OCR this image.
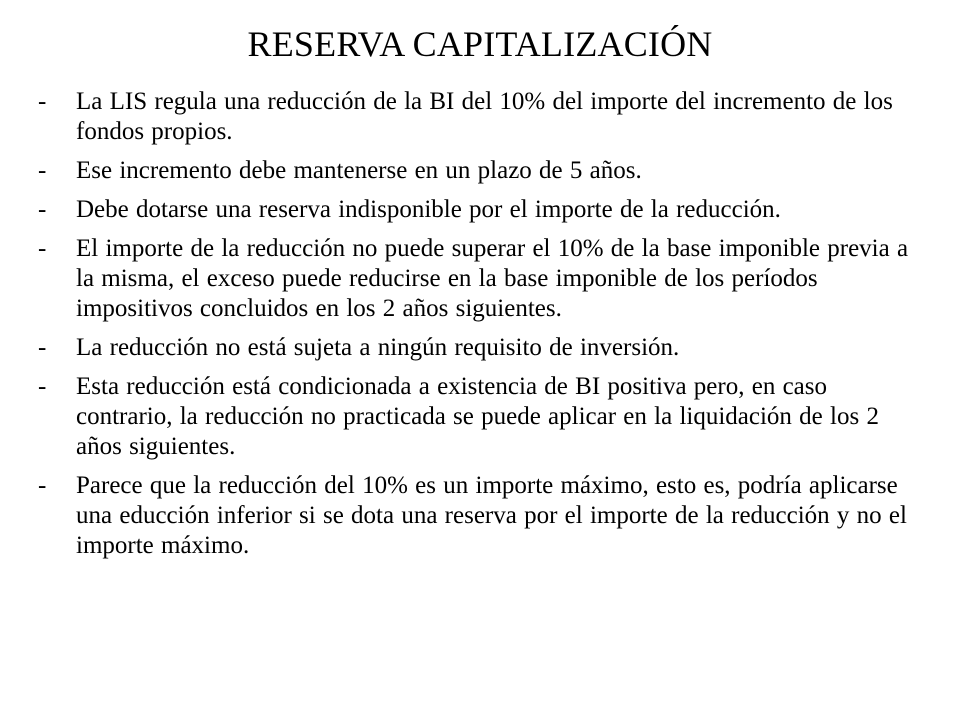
RESERVA CAPITALIZACIÓN
-	La LIS regula una reducción de la BI del 10% del importe del incremento de los fondos propios.
-	Ese incremento debe mantenerse en un plazo de 5 años.
-	Debe dotarse una reserva indisponible por el importe de la reducción.
-	El importe de la reducción no puede superar el 10% de la base imponible previa a la misma, el exceso puede reducirse en la base imponible de los períodos impositivos concluidos en los 2 años siguientes.
-	La reducción no está sujeta a ningún requisito de inversión.
-	Esta reducción está condicionada a existencia de BI positiva pero, en caso contrario, la reducción no practicada se puede aplicar en la liquidación de los 2 años siguientes.
-	Parece que la reducción del 10% es un importe máximo, esto es, podría aplicarse una educción inferior si se dota una reserva por el importe de la reducción y no el importe máximo.
